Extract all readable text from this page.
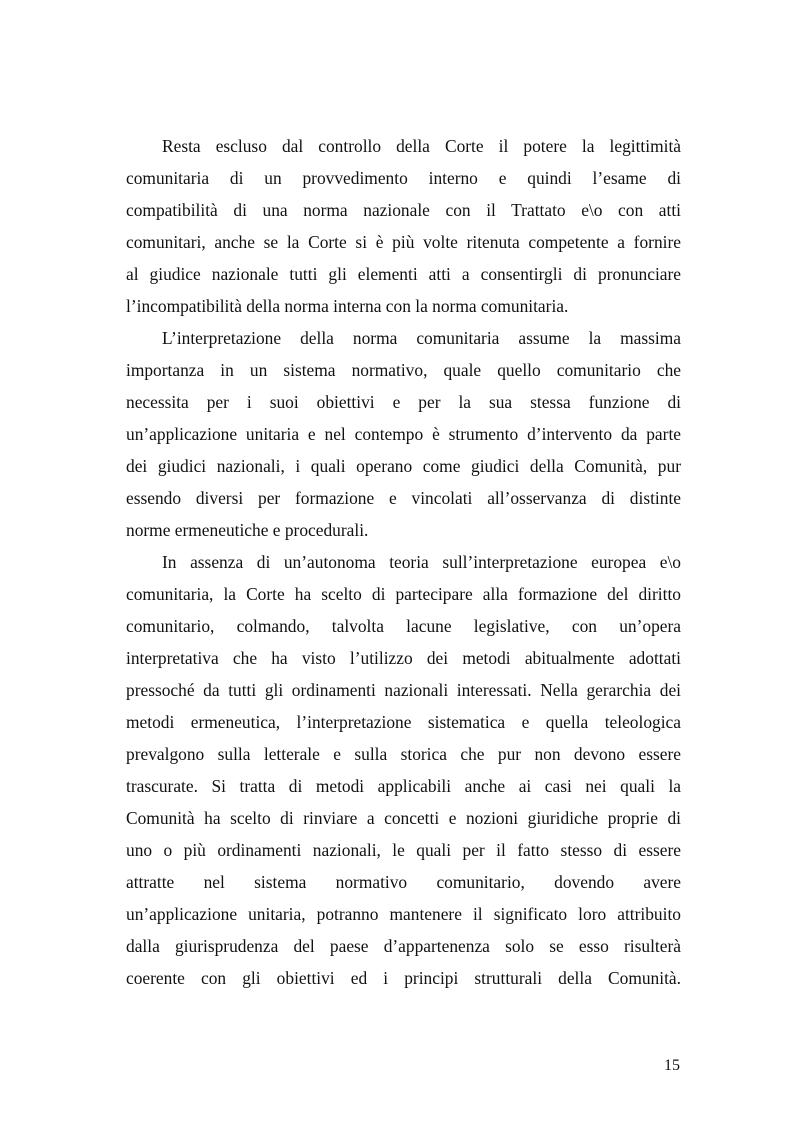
Resta escluso dal controllo della Corte il potere la legittimità
comunitaria di un provvedimento interno e quindi l’esame di
compatibilità di una norma nazionale con il Trattato e\o con atti
comunitari, anche se la Corte si è più volte ritenuta competente a fornire
al giudice nazionale tutti gli elementi atti a consentirgli di pronunciare
l’incompatibilità della norma interna con la norma comunitaria.
L’interpretazione della norma comunitaria assume la massima
importanza in un sistema normativo, quale quello comunitario che
necessita per i suoi obiettivi e per la sua stessa funzione di
un’applicazione unitaria e nel contempo è strumento d’intervento da parte
dei giudici nazionali, i quali operano come giudici della Comunità, pur
essendo diversi per formazione e vincolati all’osservanza di distinte
norme ermeneutiche e procedurali.
In assenza di un’autonoma teoria sull’interpretazione europea e\o
comunitaria, la Corte ha scelto di partecipare alla formazione del diritto
comunitario, colmando, talvolta lacune legislative, con un’opera
interpretativa che ha visto l’utilizzo dei metodi abitualmente adottati
pressoché da tutti gli ordinamenti nazionali interessati. Nella gerarchia dei
metodi ermeneutica, l’interpretazione sistematica e quella teleologica
prevalgono sulla letterale e sulla storica che pur non devono essere
trascurate. Si tratta di metodi applicabili anche ai casi nei quali la
Comunità ha scelto di rinviare a concetti e nozioni giuridiche proprie di
uno o più ordinamenti nazionali, le quali per il fatto stesso di essere
attratte nel sistema normativo comunitario, dovendo avere
un’applicazione unitaria, potranno mantenere il significato loro attribuito
dalla giurisprudenza del paese d’appartenenza solo se esso risulterà
coerente con gli obiettivi ed i principi strutturali della Comunità.
15
